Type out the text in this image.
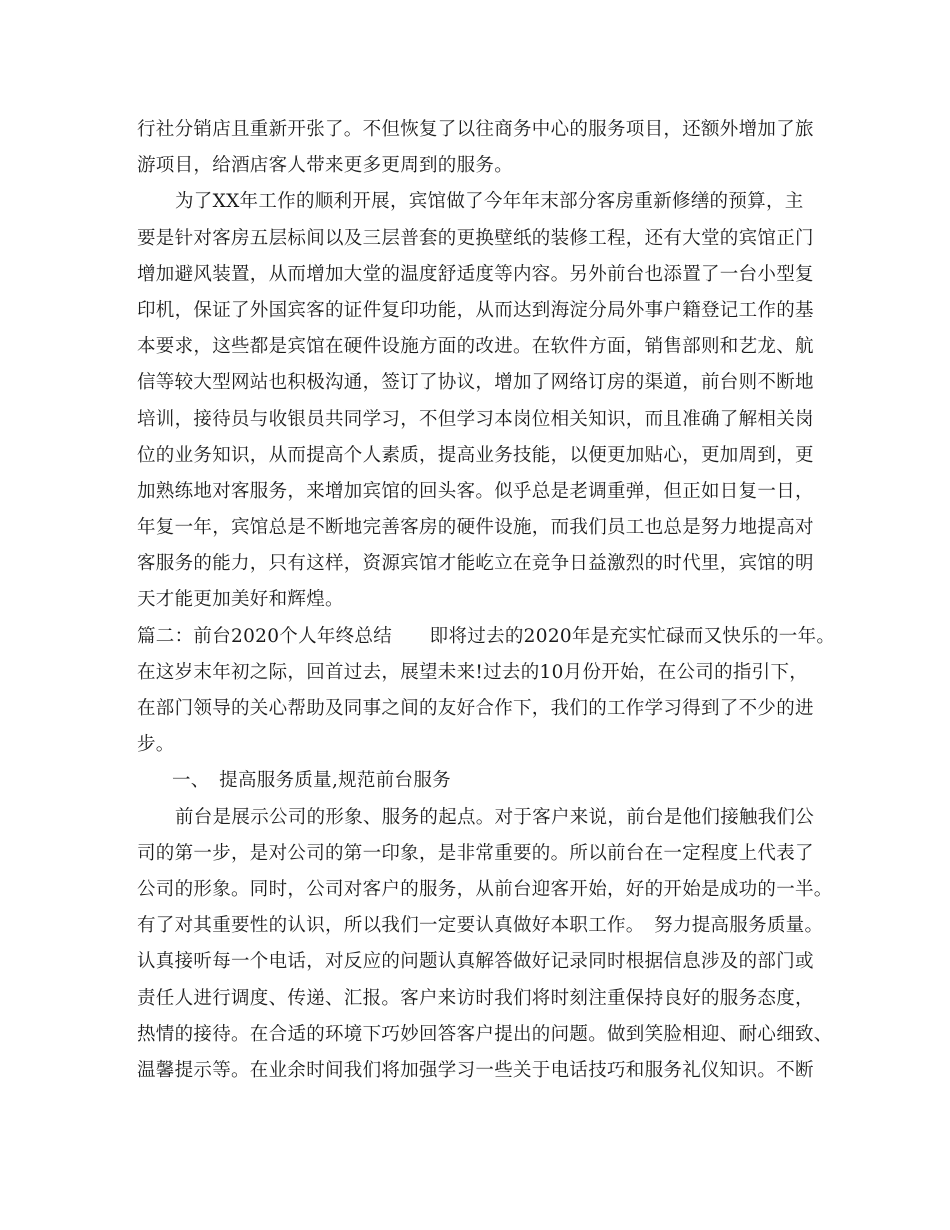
行社分销店且重新开张了。不但恢复了以往商务中心的服务项目，还额外增加了旅
游项目，给酒店客人带来更多更周到的服务。
为了XX年工作的顺利开展，宾馆做了今年年末部分客房重新修缮的预算，主
要是针对客房五层标间以及三层普套的更换壁纸的装修工程，还有大堂的宾馆正门
增加避风装置，从而增加大堂的温度舒适度等内容。另外前台也添置了一台小型复
印机，保证了外国宾客的证件复印功能，从而达到海淀分局外事户籍登记工作的基
本要求，这些都是宾馆在硬件设施方面的改进。在软件方面，销售部则和艺龙、航
信等较大型网站也积极沟通，签订了协议，增加了网络订房的渠道，前台则不断地
培训，接待员与收银员共同学习，不但学习本岗位相关知识，而且准确了解相关岗
位的业务知识，从而提高个人素质，提高业务技能，以便更加贴心，更加周到，更
加熟练地对客服务，来增加宾馆的回头客。似乎总是老调重弹，但正如日复一日，
年复一年，宾馆总是不断地完善客房的硬件设施，而我们员工也总是努力地提高对
客服务的能力，只有这样，资源宾馆才能屹立在竞争日益激烈的时代里，宾馆的明
天才能更加美好和辉煌。
篇二：前台2020个人年终总结　　即将过去的2020年是充实忙碌而又快乐的一年。
在这岁末年初之际，回首过去，展望未来!过去的10月份开始，在公司的指引下，
在部门领导的关心帮助及同事之间的友好合作下，我们的工作学习得到了不少的进
步。
一、　提高服务质量,规范前台服务
前台是展示公司的形象、服务的起点。对于客户来说，前台是他们接触我们公
司的第一步，是对公司的第一印象，是非常重要的。所以前台在一定程度上代表了
公司的形象。同时，公司对客户的服务，从前台迎客开始，好的开始是成功的一半。
有了对其重要性的认识，所以我们一定要认真做好本职工作。　努力提高服务质量。
认真接听每一个电话，对反应的问题认真解答做好记录同时根据信息涉及的部门或
责任人进行调度、传递、汇报。客户来访时我们将时刻注重保持良好的服务态度，
热情的接待。在合适的环境下巧妙回答客户提出的问题。做到笑脸相迎、耐心细致、
温馨提示等。在业余时间我们将加强学习一些关于电话技巧和服务礼仪知识。不断
